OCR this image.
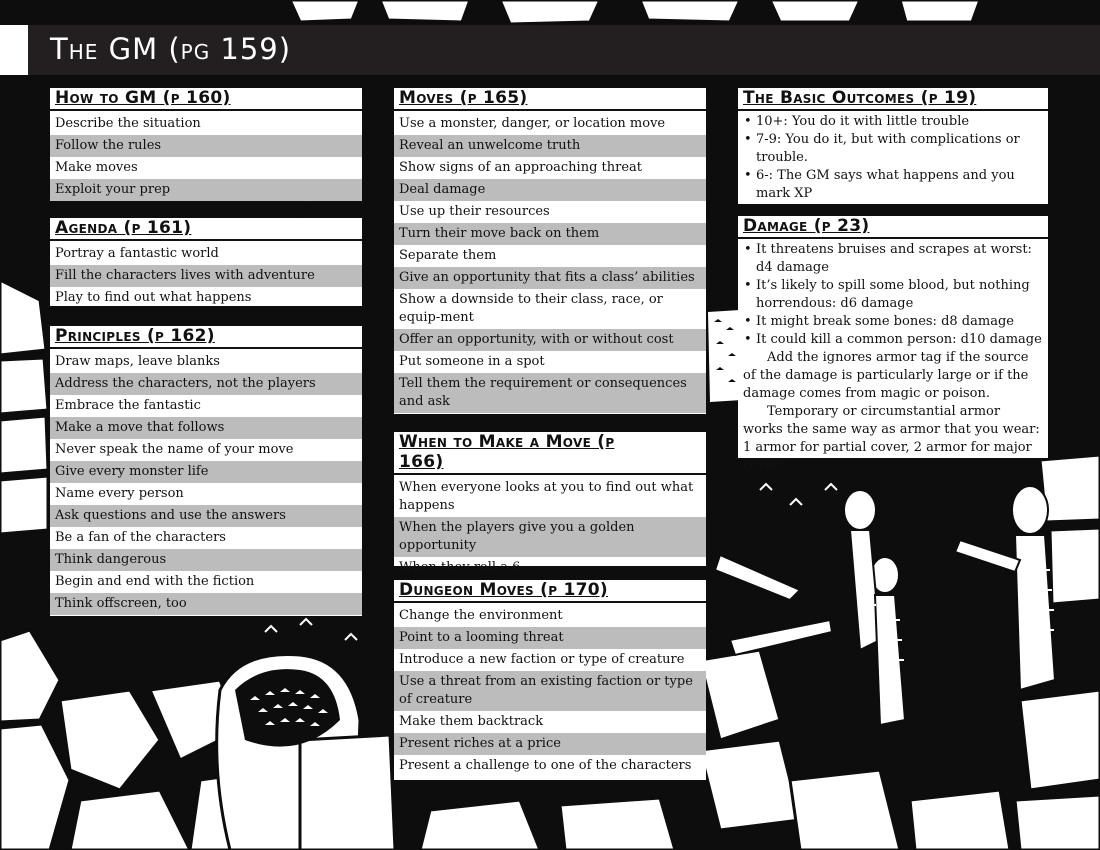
The GM (pg 159)
How to GM (p 160)
Describe the situation
Follow the rules
Make moves
Exploit your prep
Agenda (p 161)
Portray a fantastic world
Fill the characters lives with adventure
Play to find out what happens
Principles (p 162)
Draw maps, leave blanks
Address the characters, not the players
Embrace the fantastic
Make a move that follows
Never speak the name of your move
Give every monster life
Name every person
Ask questions and use the answers
Be a fan of the characters
Think dangerous
Begin and end with the fiction
Think offscreen, too
Moves (p 165)
Use a monster, danger, or location move
Reveal an unwelcome truth
Show signs of an approaching threat
Deal damage
Use up their resources
Turn their move back on them
Separate them
Give an opportunity that fits a class’ abilities
Show a downside to their class, race, or equip-ment
Offer an opportunity, with or without cost
Put someone in a spot
Tell them the requirement or consequences and ask
When to Make a Move (p 166)
When everyone looks at you to find out what happens
When the players give you a golden opportunity
When they roll a 6-
Dungeon Moves (p 170)
Change the environment
Point to a looming threat
Introduce a new faction or type of creature
Use a threat from an existing faction or type of creature
Make them backtrack
Present riches at a price
Present a challenge to one of the characters
The Basic Outcomes (p 19)
• 10+: You do it with little trouble
• 7-9: You do it, but with complications or trouble.
• 6-: The GM says what happens and you mark XP
Damage (p 23)
• It threatens bruises and scrapes at worst: d4 damage
• It’s likely to spill some blood, but nothing horrendous: d6 damage
• It might break some bones: d8 damage
• It could kill a common person: d10 damage

Add the ignores armor tag if the source of the damage is particularly large or if the damage comes from magic or poison.

Temporary or circumstantial armor works the same way as armor that you wear: 1 armor for partial cover, 2 armor for major cover.
